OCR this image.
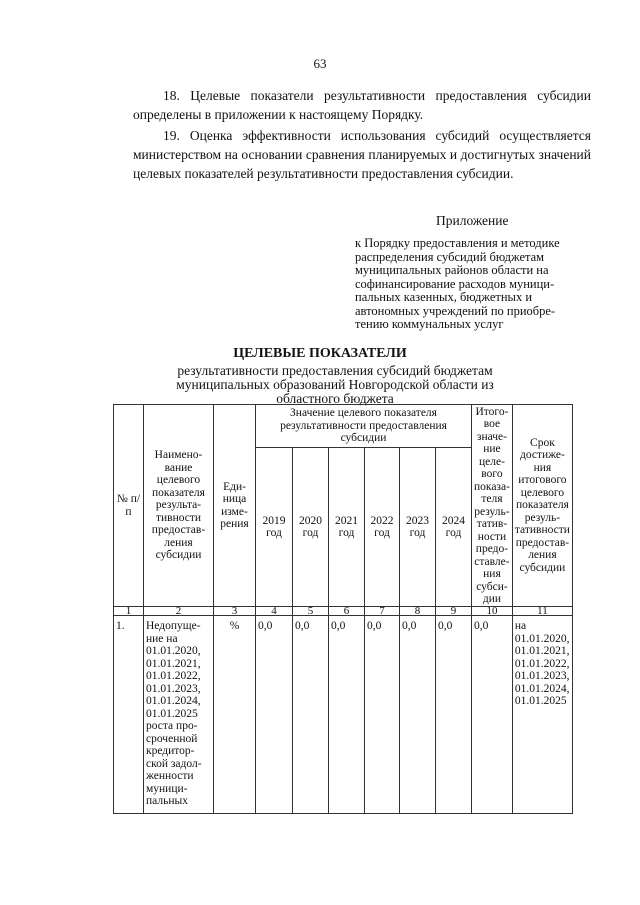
63
18. Целевые показатели результативности предоставления субсидии определены в приложении к настоящему Порядку.
19. Оценка эффективности использования субсидий осуществляется министерством на основании сравнения планируемых и достигнутых значений целевых показателей результативности предоставления субсидии.
Приложение
к Порядку предоставления и методике распределения субсидий бюджетам муниципальных районов области на софинансирование расходов муници-пальных казенных, бюджетных и автономных учреждений по приобре-тению коммунальных услуг
ЦЕЛЕВЫЕ ПОКАЗАТЕЛИ
результативности предоставления субсидий бюджетам муниципальных образований Новгородской области из областного бюджета
№ п/п	Наимено-вание целевого показателя результа-тивности предостав-ления субсидии	Еди-ница изме-рения	Значение целевого показателя результативности предоставления субсидии						Итого-вое значе-ние целе-вого показа-теля резуль-татив-ности предо-ставле-ния субси-дии	Срок достиже-ния итогового целевого показателя резуль-тативности предостав-ления субсидии
			2019 год	2020 год	2021 год	2022 год	2023 год	2024 год		
1	2	3	4	5	6	7	8	9	10	11
1.	Недопуще-ние на 01.01.2020, 01.01.2021, 01.01.2022, 01.01.2023, 01.01.2024, 01.01.2025 роста про-сроченной кредитор-ской задол-женности муници-пальных	%	0,0	0,0	0,0	0,0	0,0	0,0	0,0	на 01.01.2020, 01.01.2021, 01.01.2022, 01.01.2023, 01.01.2024, 01.01.2025
